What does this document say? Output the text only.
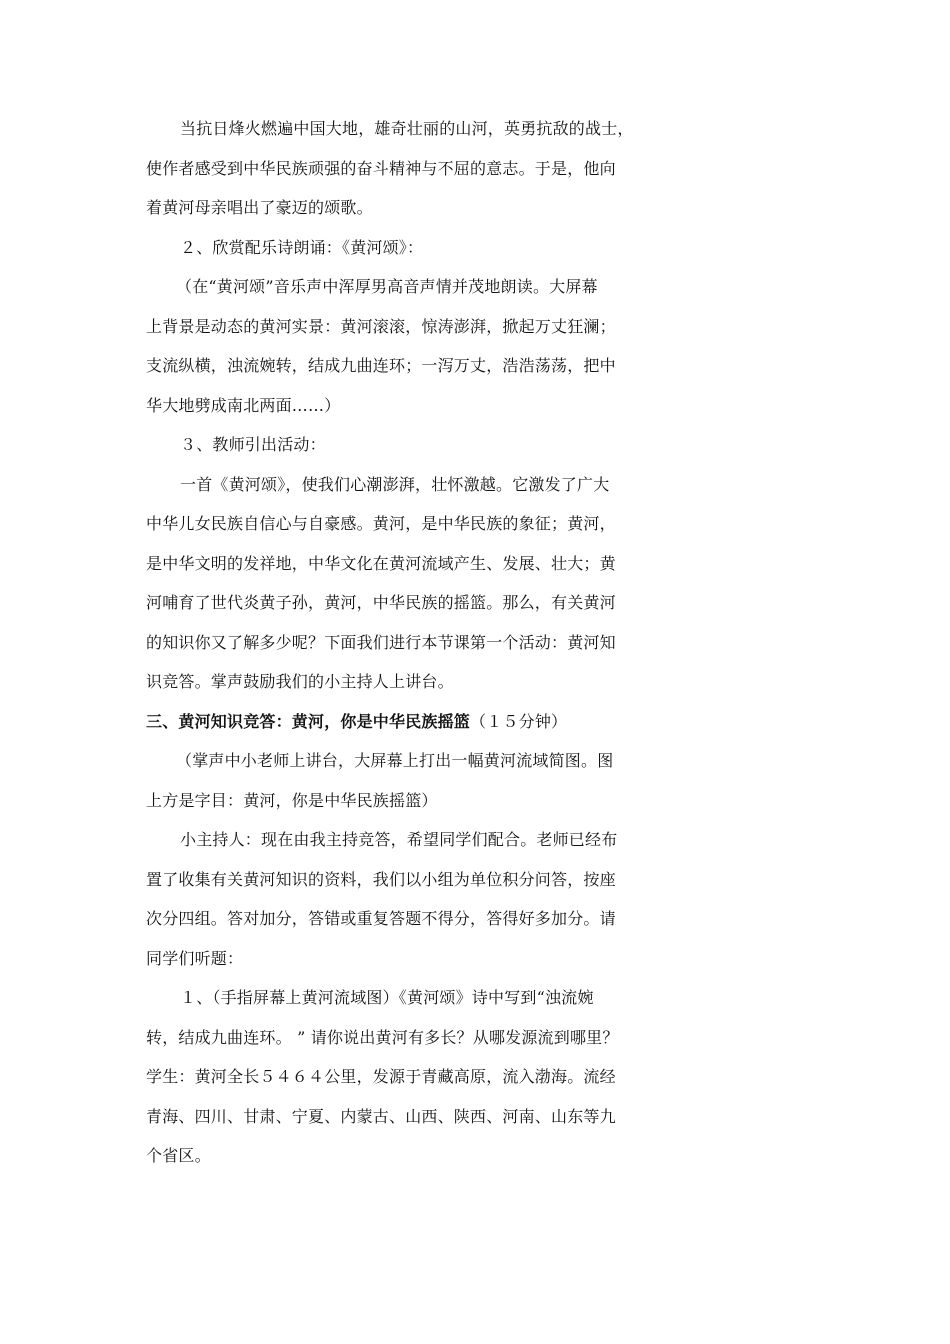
当抗日烽火燃遍中国大地，雄奇壮丽的山河，英勇抗敌的战士，
使作者感受到中华民族顽强的奋斗精神与不屈的意志。于是，他向
着黄河母亲唱出了豪迈的颂歌。
２、欣赏配乐诗朗诵：《黄河颂》：
（在“黄河颂”音乐声中浑厚男高音声情并茂地朗读。大屏幕
上背景是动态的黄河实景：黄河滚滚，惊涛澎湃，掀起万丈狂澜；
支流纵横，浊流婉转，结成九曲连环；一泻万丈，浩浩荡荡，把中
华大地劈成南北两面……）
３、教师引出活动：
一首《黄河颂》，使我们心潮澎湃，壮怀激越。它激发了广大
中华儿女民族自信心与自豪感。黄河，是中华民族的象征；黄河，
是中华文明的发祥地，中华文化在黄河流域产生、发展、壮大；黄
河哺育了世代炎黄子孙，黄河，中华民族的摇篮。那么，有关黄河
的知识你又了解多少呢？下面我们进行本节课第一个活动：黄河知
识竞答。掌声鼓励我们的小主持人上讲台。
三、黄河知识竞答：黄河，你是中华民族摇篮（１５分钟）
（掌声中小老师上讲台，大屏幕上打出一幅黄河流域简图。图
上方是字目：黄河，你是中华民族摇篮）
小主持人：现在由我主持竞答，希望同学们配合。老师已经布
置了收集有关黄河知识的资料，我们以小组为单位积分问答，按座
次分四组。答对加分，答错或重复答题不得分，答得好多加分。请
同学们听题：
１、（手指屏幕上黄河流域图）《黄河颂》诗中写到“浊流婉
转，结成九曲连环。 ” 请你说出黄河有多长？从哪发源流到哪里？
学生：黄河全长５４６４公里，发源于青藏高原，流入渤海。流经
青海、四川、甘肃、宁夏、内蒙古、山西、陕西、河南、山东等九
个省区。
